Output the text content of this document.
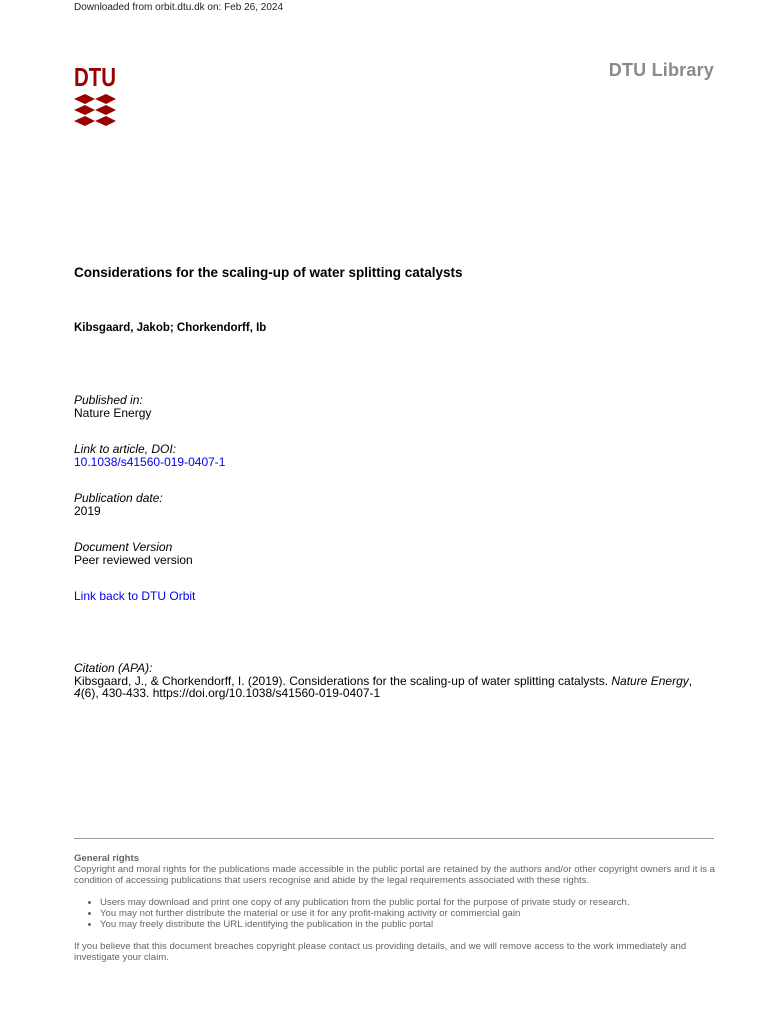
Downloaded from orbit.dtu.dk on: Feb 26, 2024
DTU	DTU Library
Considerations for the scaling-up of water splitting catalysts
Kibsgaard, Jakob; Chorkendorff, Ib
Published in:
Nature Energy
Link to article, DOI:
10.1038/s41560-019-0407-1
Publication date:
2019
Document Version
Peer reviewed version
Link back to DTU Orbit
Citation (APA):
Kibsgaard, J., & Chorkendorff, I. (2019). Considerations for the scaling-up of water splitting catalysts. Nature Energy, 4(6), 430-433. https://doi.org/10.1038/s41560-019-0407-1
General rights

Copyright and moral rights for the publications made accessible in the public portal are retained by the authors and/or other copyright owners and it is a condition of accessing publications that users recognise and abide by the legal requirements associated with these rights.

• Users may download and print one copy of any publication from the public portal for the purpose of private study or research.
• You may not further distribute the material or use it for any profit-making activity or commercial gain
• You may freely distribute the URL identifying the publication in the public portal

If you believe that this document breaches copyright please contact us providing details, and we will remove access to the work immediately and investigate your claim.
